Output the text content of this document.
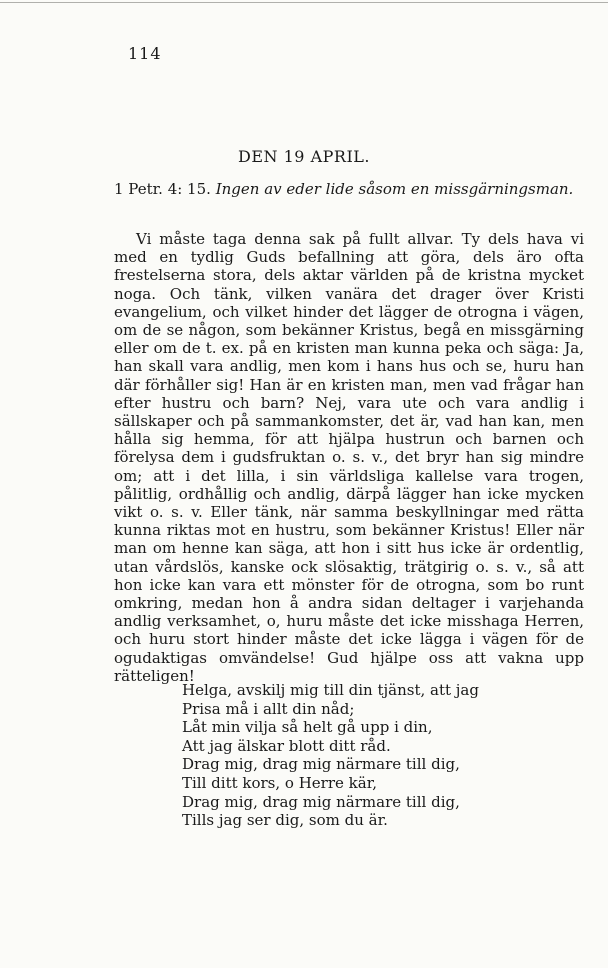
114
DEN 19 APRIL.
1 Petr. 4: 15. Ingen av eder lide såsom en missgärningsman.
Vi måste taga denna sak på fullt allvar. Ty dels hava vi med en tydlig Guds befallning att göra, dels äro ofta frestelserna stora, dels aktar världen på de kristna mycket noga. Och tänk, vilken vanära det drager över Kristi evangelium, och vilket hinder det lägger de otrogna i vägen, om de se någon, som bekänner Kristus, begå en missgärning eller om de t. ex. på en kristen man kunna peka och säga: Ja, han skall vara andlig, men kom i hans hus och se, huru han där förhåller sig! Han är en kristen man, men vad frågar han efter hustru och barn? Nej, vara ute och vara andlig i sällskaper och på sammankomster, det är, vad han kan, men hålla sig hemma, för att hjälpa hustrun och barnen och förelysa dem i gudsfruktan o. s. v., det bryr han sig mindre om; att i det lilla, i sin världsliga kallelse vara trogen, pålitlig, ordhållig och andlig, därpå lägger han icke mycken vikt o. s. v. Eller tänk, när samma beskyllningar med rätta kunna riktas mot en hustru, som bekänner Kristus! Eller när man om henne kan säga, att hon i sitt hus icke är ordentlig, utan vårdslös, kanske ock slösaktig, trätgirig o. s. v., så att hon icke kan vara ett mönster för de otrogna, som bo runt omkring, medan hon å andra sidan deltager i varjehanda andlig verksamhet, o, huru måste det icke misshaga Herren, och huru stort hinder måste det icke lägga i vägen för de ogudaktigas omvändelse! Gud hjälpe oss att vakna upp rätteligen!
Helga, avskilj mig till din tjänst, att jag
Prisa må i allt din nåd;
Låt min vilja så helt gå upp i din,
Att jag älskar blott ditt råd.
Drag mig, drag mig närmare till dig,
Till ditt kors, o Herre kär,
Drag mig, drag mig närmare till dig,
Tills jag ser dig, som du är.
